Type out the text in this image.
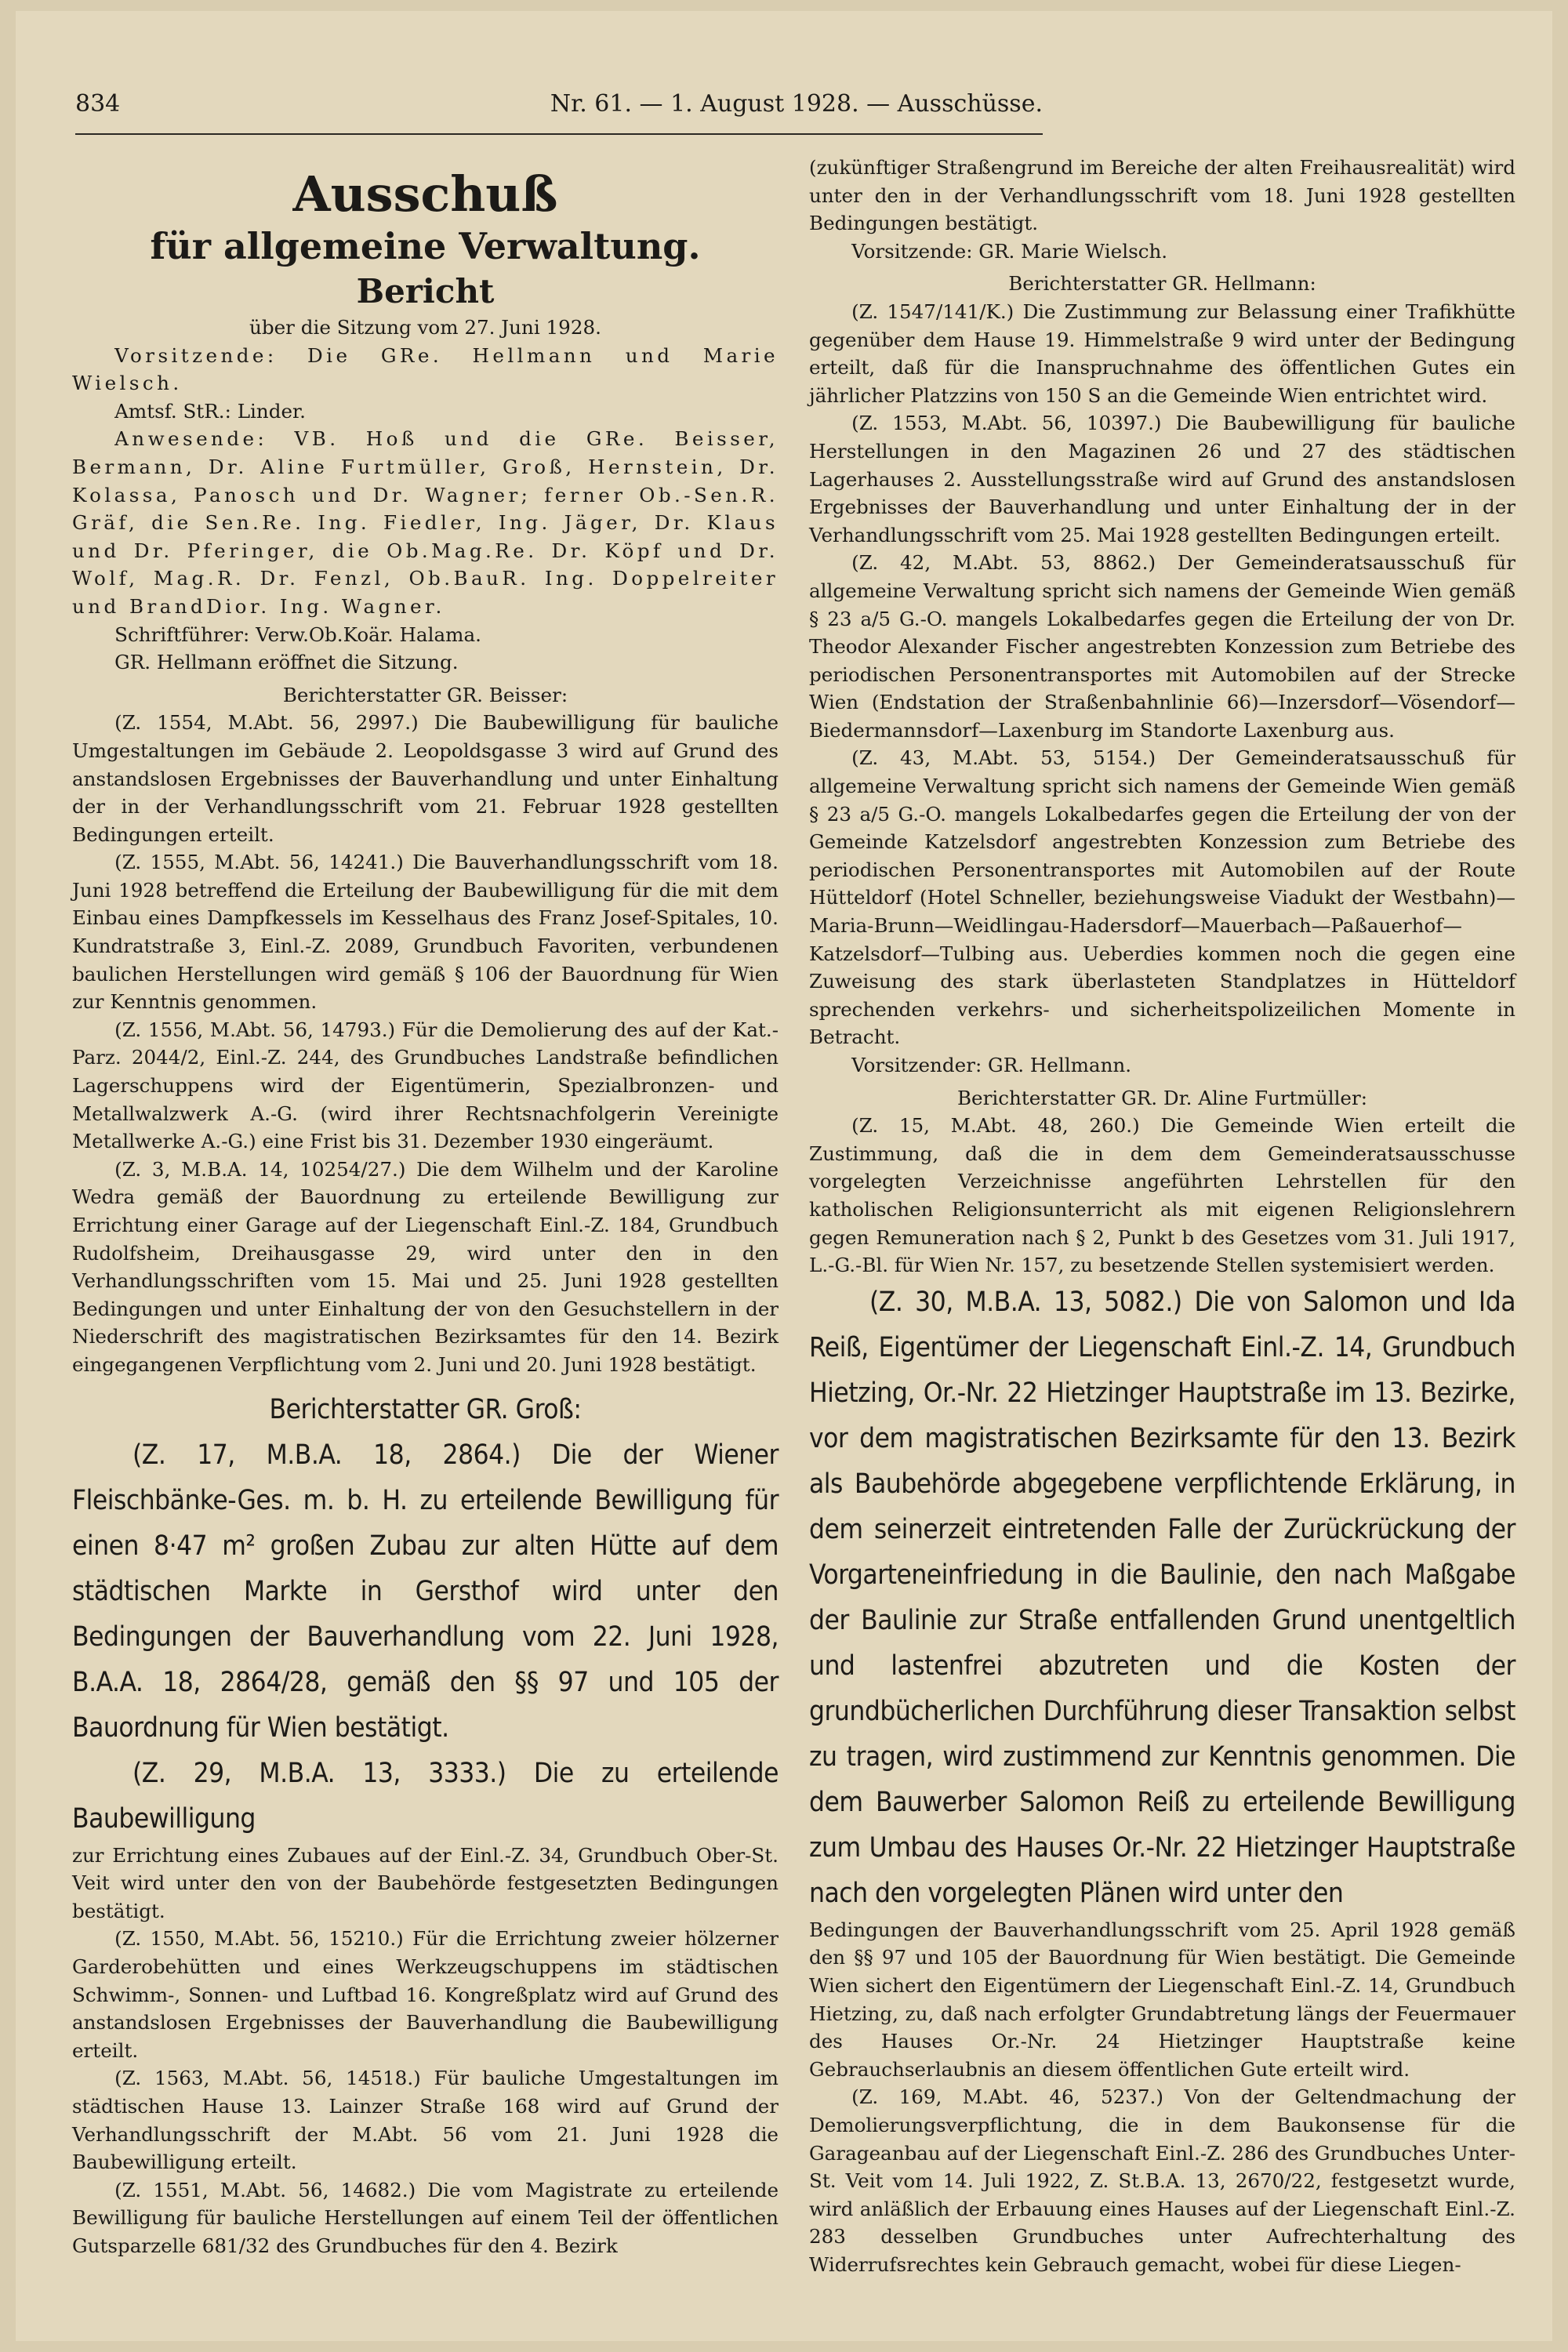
834	Nr. 61. — 1. August 1928. — Ausschüsse.
Ausschuß
für allgemeine Verwaltung.
Bericht

über die Sitzung vom 27. Juni 1928.

Vorsitzende: Die GRe. Hellmann und Marie Wielsch.

Amtsf. StR.: Linder.

Anwesende: VB. Hoß und die GRe. Beisser, Bermann, Dr. Aline Furtmüller, Groß, Hernstein, Dr. Kolassa, Panosch und Dr. Wagner; ferner Ob.-Sen.R. Gräf, die Sen.Re. Ing. Fiedler, Ing. Jäger, Dr. Klaus und Dr. Pferinger, die Ob.Mag.Re. Dr. Köpf und Dr. Wolf, Mag.R. Dr. Fenzl, Ob.BauR. Ing. Doppelreiter und BrandDior. Ing. Wagner.

Schriftführer: Verw.Ob.Koär. Halama.

GR. Hellmann eröffnet die Sitzung.

Berichterstatter GR. Beisser:

(Z. 1554, M.Abt. 56, 2997.) Die Baubewilligung für bauliche Umgestaltungen im Gebäude 2. Leopoldsgasse 3 wird auf Grund des anstandslosen Ergebnisses der Bauverhandlung und unter Einhaltung der in der Verhandlungsschrift vom 21. Februar 1928 gestellten Bedingungen erteilt.

(Z. 1555, M.Abt. 56, 14241.) Die Bauverhandlungsschrift vom 18. Juni 1928 betreffend die Erteilung der Baubewilligung für die mit dem Einbau eines Dampfkessels im Kesselhaus des Franz Josef-Spitales, 10. Kundratstraße 3, Einl.-Z. 2089, Grundbuch Favoriten, verbundenen baulichen Herstellungen wird gemäß § 106 der Bauordnung für Wien zur Kenntnis genommen.

(Z. 1556, M.Abt. 56, 14793.) Für die Demolierung des auf der Kat.-Parz. 2044/2, Einl.-Z. 244, des Grundbuches Landstraße befindlichen Lagerschuppens wird der Eigentümerin, Spezialbronzen- und Metallwalzwerk A.-G. (wird ihrer Rechtsnachfolgerin Vereinigte Metallwerke A.-G.) eine Frist bis 31. Dezember 1930 eingeräumt.

(Z. 3, M.B.A. 14, 10254/27.) Die dem Wilhelm und der Karoline Wedra gemäß der Bauordnung zu erteilende Bewilligung zur Errichtung einer Garage auf der Liegenschaft Einl.-Z. 184, Grundbuch Rudolfsheim, Dreihausgasse 29, wird unter den in den Verhandlungsschriften vom 15. Mai und 25. Juni 1928 gestellten Bedingungen und unter Einhaltung der von den Gesuchstellern in der Niederschrift des magistratischen Bezirksamtes für den 14. Bezirk eingegangenen Verpflichtung vom 2. Juni und 20. Juni 1928 bestätigt.

Berichterstatter GR. Groß:

(Z. 17, M.B.A. 18, 2864.) Die der Wiener Fleischbänke-Ges. m. b. H. zu erteilende Bewilligung für einen 8·47 m² großen Zubau zur alten Hütte auf dem städtischen Markte in Gersthof wird unter den Bedingungen der Bauverhandlung vom 22. Juni 1928, B.A.A. 18, 2864/28, gemäß den §§ 97 und 105 der Bauordnung für Wien bestätigt.

(Z. 29, M.B.A. 13, 3333.) Die zu erteilende Baubewilligung

zur Errichtung eines Zubaues auf der Einl.-Z. 34, Grundbuch Ober-St. Veit wird unter den von der Baubehörde festgesetzten Bedingungen bestätigt.

(Z. 1550, M.Abt. 56, 15210.) Für die Errichtung zweier hölzerner Garderobehütten und eines Werkzeugschuppens im städtischen Schwimm-, Sonnen- und Luftbad 16. Kongreßplatz wird auf Grund des anstandslosen Ergebnisses der Bauverhandlung die Baubewilligung erteilt.

(Z. 1563, M.Abt. 56, 14518.) Für bauliche Umgestaltungen im städtischen Hause 13. Lainzer Straße 168 wird auf Grund der Verhandlungsschrift der M.Abt. 56 vom 21. Juni 1928 die Baubewilligung erteilt.

(Z. 1551, M.Abt. 56, 14682.) Die vom Magistrate zu erteilende Bewilligung für bauliche Herstellungen auf einem Teil der öffentlichen Gutsparzelle 681/32 des Grundbuches für den 4. Bezirk

(zukünftiger Straßengrund im Bereiche der alten Freihausrealität) wird unter den in der Verhandlungsschrift vom 18. Juni 1928 gestellten Bedingungen bestätigt.

Vorsitzende: GR. Marie Wielsch.

Berichterstatter GR. Hellmann:

(Z. 1547/141/K.) Die Zustimmung zur Belassung einer Trafikhütte gegenüber dem Hause 19. Himmelstraße 9 wird unter der Bedingung erteilt, daß für die Inanspruchnahme des öffentlichen Gutes ein jährlicher Platzzins von 150 S an die Gemeinde Wien entrichtet wird.

(Z. 1553, M.Abt. 56, 10397.) Die Baubewilligung für bauliche Herstellungen in den Magazinen 26 und 27 des städtischen Lagerhauses 2. Ausstellungsstraße wird auf Grund des anstandslosen Ergebnisses der Bauverhandlung und unter Einhaltung der in der Verhandlungsschrift vom 25. Mai 1928 gestellten Bedingungen erteilt.

(Z. 42, M.Abt. 53, 8862.) Der Gemeinderatsausschuß für allgemeine Verwaltung spricht sich namens der Gemeinde Wien gemäß § 23 a/5 G.-O. mangels Lokalbedarfes gegen die Erteilung der von Dr. Theodor Alexander Fischer angestrebten Konzession zum Betriebe des periodischen Personentransportes mit Automobilen auf der Strecke Wien (Endstation der Straßenbahnlinie 66)—Inzersdorf—Vösendorf—Biedermannsdorf—Laxenburg im Standorte Laxenburg aus.

(Z. 43, M.Abt. 53, 5154.) Der Gemeinderatsausschuß für allgemeine Verwaltung spricht sich namens der Gemeinde Wien gemäß § 23 a/5 G.-O. mangels Lokalbedarfes gegen die Erteilung der von der Gemeinde Katzelsdorf angestrebten Konzession zum Betriebe des periodischen Personentransportes mit Automobilen auf der Route Hütteldorf (Hotel Schneller, beziehungsweise Viadukt der Westbahn)—Maria-Brunn—Weidlingau-Hadersdorf—Mauerbach—Paßauerhof—Katzelsdorf—Tulbing aus. Ueberdies kommen noch die gegen eine Zuweisung des stark überlasteten Standplatzes in Hütteldorf sprechenden verkehrs- und sicherheitspolizeilichen Momente in Betracht.

Vorsitzender: GR. Hellmann.

Berichterstatter GR. Dr. Aline Furtmüller:

(Z. 15, M.Abt. 48, 260.) Die Gemeinde Wien erteilt die Zustimmung, daß die in dem dem Gemeinderatsausschusse vorgelegten Verzeichnisse angeführten Lehrstellen für den katholischen Religionsunterricht als mit eigenen Religionslehrern gegen Remuneration nach § 2, Punkt b des Gesetzes vom 31. Juli 1917, L.-G.-Bl. für Wien Nr. 157, zu besetzende Stellen systemisiert werden.

(Z. 30, M.B.A. 13, 5082.) Die von Salomon und Ida Reiß, Eigentümer der Liegenschaft Einl.-Z. 14, Grundbuch Hietzing, Or.-Nr. 22 Hietzinger Hauptstraße im 13. Bezirke, vor dem magistratischen Bezirksamte für den 13. Bezirk als Baubehörde abgegebene verpflichtende Erklärung, in dem seinerzeit eintretenden Falle der Zurückrückung der Vorgarteneinfriedung in die Baulinie, den nach Maßgabe der Baulinie zur Straße entfallenden Grund unentgeltlich und lastenfrei abzutreten und die Kosten der grundbücherlichen Durchführung dieser Transaktion selbst zu tragen, wird zustimmend zur Kenntnis genommen. Die dem Bauwerber Salomon Reiß zu erteilende Bewilligung zum Umbau des Hauses Or.-Nr. 22 Hietzinger Hauptstraße nach den vorgelegten Plänen wird unter den

Bedingungen der Bauverhandlungsschrift vom 25. April 1928 gemäß den §§ 97 und 105 der Bauordnung für Wien bestätigt. Die Gemeinde Wien sichert den Eigentümern der Liegenschaft Einl.-Z. 14, Grundbuch Hietzing, zu, daß nach erfolgter Grundabtretung längs der Feuermauer des Hauses Or.-Nr. 24 Hietzinger Hauptstraße keine Gebrauchserlaubnis an diesem öffentlichen Gute erteilt wird.

(Z. 169, M.Abt. 46, 5237.) Von der Geltendmachung der Demolierungsverpflichtung, die in dem Baukonsense für die Garageanbau auf der Liegenschaft Einl.-Z. 286 des Grundbuches Unter-St. Veit vom 14. Juli 1922, Z. St.B.A. 13, 2670/22, festgesetzt wurde, wird anläßlich der Erbauung eines Hauses auf der Liegenschaft Einl.-Z. 283 desselben Grundbuches unter Aufrechterhaltung des Widerrufsrechtes kein Gebrauch gemacht, wobei für diese Liegen-
